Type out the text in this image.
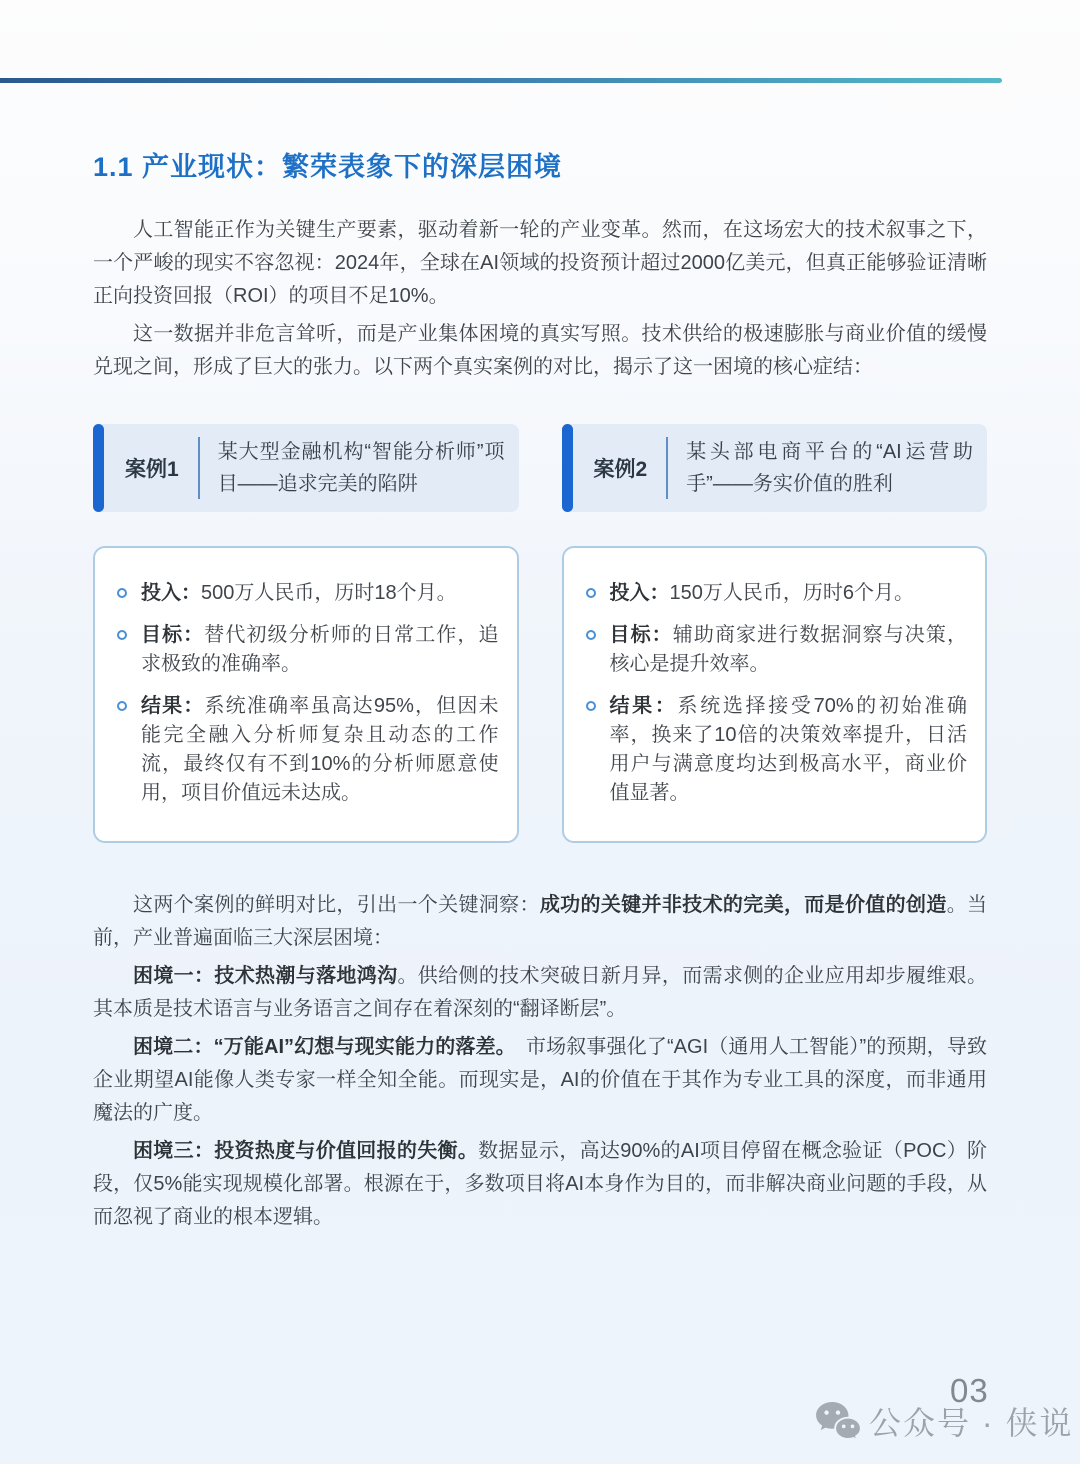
1.1 产业现状：繁荣表象下的深层困境

人工智能正作为关键生产要素，驱动着新一轮的产业变革。然而，在这场宏大的技术叙事之下，一个严峻的现实不容忽视：2024年，全球在AI领域的投资预计超过2000亿美元，但真正能够验证清晰正向投资回报（ROI）的项目不足10%。

这一数据并非危言耸听，而是产业集体困境的真实写照。技术供给的极速膨胀与商业价值的缓慢兑现之间，形成了巨大的张力。以下两个真实案例的对比，揭示了这一困境的核心症结：

案例1
某大型金融机构“智能分析师”项目——追求完美的陷阱
投入：500万人民币，历时18个月。
目标：替代初级分析师的日常工作，追求极致的准确率。
结果：系统准确率虽高达95%，但因未能完全融入分析师复杂且动态的工作流，最终仅有不到10%的分析师愿意使用，项目价值远未达成。
案例2
某头部电商平台的“AI运营助手”——务实价值的胜利
投入：150万人民币，历时6个月。
目标：辅助商家进行数据洞察与决策，核心是提升效率。
结果：系统选择接受70%的初始准确率，换来了10倍的决策效率提升，日活用户与满意度均达到极高水平，商业价值显著。

这两个案例的鲜明对比，引出一个关键洞察：成功的关键并非技术的完美，而是价值的创造。当前，产业普遍面临三大深层困境：

困境一：技术热潮与落地鸿沟。供给侧的技术突破日新月异，而需求侧的企业应用却步履维艰。其本质是技术语言与业务语言之间存在着深刻的“翻译断层”。

困境二：“万能AI”幻想与现实能力的落差。　市场叙事强化了“AGI（通用人工智能）”的预期，导致企业期望AI能像人类专家一样全知全能。而现实是，AI的价值在于其作为专业工具的深度，而非通用魔法的广度。

困境三：投资热度与价值回报的失衡。数据显示，高达90%的AI项目停留在概念验证（POC）阶段，仅5%能实现规模化部署。根源在于，多数项目将AI本身作为目的，而非解决商业问题的手段，从而忽视了商业的根本逻辑。

03
公众号 · 侠说
